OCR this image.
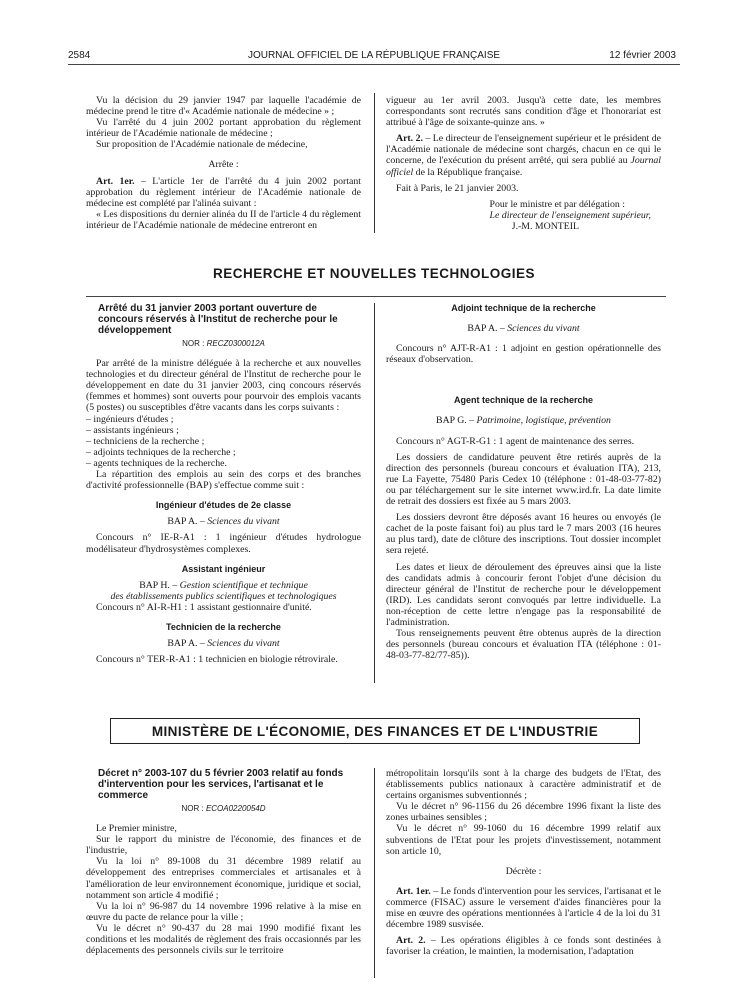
2584	JOURNAL OFFICIEL DE LA RÉPUBLIQUE FRANÇAISE	12 février 2003

Vu la décision du 29 janvier 1947 par laquelle l'académie de médecine prend le titre d'« Académie nationale de médecine » ;

Vu l'arrêté du 4 juin 2002 portant approbation du règlement intérieur de l'Académie nationale de médecine ;

Sur proposition de l'Académie nationale de médecine,

Arrête :

Art. 1er. – L'article 1er de l'arrêté du 4 juin 2002 portant approbation du règlement intérieur de l'Académie nationale de médecine est complété par l'alinéa suivant :

« Les dispositions du dernier alinéa du II de l'article 4 du règlement intérieur de l'Académie nationale de médecine entreront en

vigueur au 1er avril 2003. Jusqu'à cette date, les membres correspondants sont recrutés sans condition d'âge et l'honorariat est attribué à l'âge de soixante-quinze ans. »

Art. 2. – Le directeur de l'enseignement supérieur et le président de l'Académie nationale de médecine sont chargés, chacun en ce qui le concerne, de l'exécution du présent arrêté, qui sera publié au Journal officiel de la République française.

Fait à Paris, le 21 janvier 2003.

Pour le ministre et par délégation :

Le directeur de l'enseignement supérieur,

J.-M. MONTEIL

RECHERCHE ET NOUVELLES TECHNOLOGIES

Arrêté du 31 janvier 2003 portant ouverture de concours réservés à l'Institut de recherche pour le développement

NOR : RECZ0300012A

Par arrêté de la ministre déléguée à la recherche et aux nouvelles technologies et du directeur général de l'Institut de recherche pour le développement en date du 31 janvier 2003, cinq concours réservés (femmes et hommes) sont ouverts pour pourvoir des emplois vacants (5 postes) ou susceptibles d'être vacants dans les corps suivants :

– ingénieurs d'études ;
– assistants ingénieurs ;
– techniciens de la recherche ;
– adjoints techniques de la recherche ;
– agents techniques de la recherche.

La répartition des emplois au sein des corps et des branches d'activité professionnelle (BAP) s'effectue comme suit :

Ingénieur d'études de 2e classe

BAP A. – Sciences du vivant

Concours n° IE-R-A1 : 1 ingénieur d'études hydrologue modélisateur d'hydrosystèmes complexes.

Assistant ingénieur

BAP H. – Gestion scientifique et technique

des établissements publics scientifiques et technologiques

Concours n° AI-R-H1 : 1 assistant gestionnaire d'unité.

Technicien de la recherche

BAP A. – Sciences du vivant

Concours n° TER-R-A1 : 1 technicien en biologie rétrovirale.

Adjoint technique de la recherche

BAP A. – Sciences du vivant

Concours n° AJT-R-A1 : 1 adjoint en gestion opérationnelle des réseaux d'observation.

Agent technique de la recherche

BAP G. – Patrimoine, logistique, prévention

Concours n° AGT-R-G1 : 1 agent de maintenance des serres.

Les dossiers de candidature peuvent être retirés auprès de la direction des personnels (bureau concours et évaluation ITA), 213, rue La Fayette, 75480 Paris Cedex 10 (téléphone : 01-48-03-77-82) ou par téléchargement sur le site internet www.ird.fr. La date limite de retrait des dossiers est fixée au 5 mars 2003.

Les dossiers devront être déposés avant 16 heures ou envoyés (le cachet de la poste faisant foi) au plus tard le 7 mars 2003 (16 heures au plus tard), date de clôture des inscriptions. Tout dossier incomplet sera rejeté.

Les dates et lieux de déroulement des épreuves ainsi que la liste des candidats admis à concourir feront l'objet d'une décision du directeur général de l'Institut de recherche pour le développement (IRD). Les candidats seront convoqués par lettre individuelle. La non-réception de cette lettre n'engage pas la responsabilité de l'administration.

Tous renseignements peuvent être obtenus auprès de la direction des personnels (bureau concours et évaluation ITA (téléphone : 01-48-03-77-82/77-85)).

MINISTÈRE DE L'ÉCONOMIE, DES FINANCES ET DE L'INDUSTRIE

Décret n° 2003-107 du 5 février 2003 relatif au fonds d'intervention pour les services, l'artisanat et le commerce

NOR : ECOA0220054D

Le Premier ministre,

Sur le rapport du ministre de l'économie, des finances et de l'industrie,

Vu la loi n° 89-1008 du 31 décembre 1989 relatif au développement des entreprises commerciales et artisanales et à l'amélioration de leur environnement économique, juridique et social, notamment son article 4 modifié ;

Vu la loi n° 96-987 du 14 novembre 1996 relative à la mise en œuvre du pacte de relance pour la ville ;

Vu le décret n° 90-437 du 28 mai 1990 modifié fixant les conditions et les modalités de règlement des frais occasionnés par les déplacements des personnels civils sur le territoire

métropolitain lorsqu'ils sont à la charge des budgets de l'Etat, des établissements publics nationaux à caractère administratif et de certains organismes subventionnés ;

Vu le décret n° 96-1156 du 26 décembre 1996 fixant la liste des zones urbaines sensibles ;

Vu le décret n° 99-1060 du 16 décembre 1999 relatif aux subventions de l'Etat pour les projets d'investissement, notamment son article 10,

Décrète :

Art. 1er. – Le fonds d'intervention pour les services, l'artisanat et le commerce (FISAC) assure le versement d'aides financières pour la mise en œuvre des opérations mentionnées à l'article 4 de la loi du 31 décembre 1989 susvisée.

Art. 2. – Les opérations éligibles à ce fonds sont destinées à favoriser la création, le maintien, la modernisation, l'adaptation
